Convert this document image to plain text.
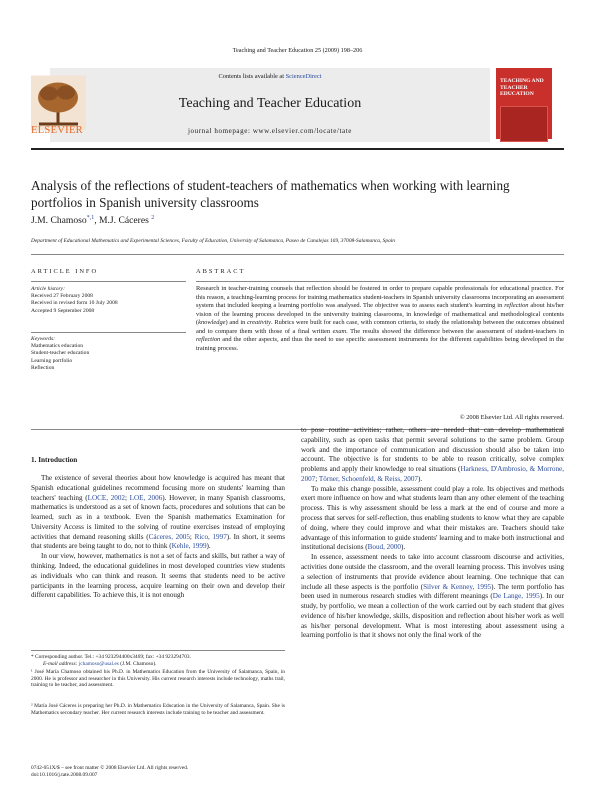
Teaching and Teacher Education 25 (2009) 198–206
Contents lists available at ScienceDirect
Teaching and Teacher Education
journal homepage: www.elsevier.com/locate/tate
ELSEVIER
TEACHING AND TEACHER EDUCATION
Analysis of the reflections of student-teachers of mathematics when working with learning portfolios in Spanish university classrooms
J.M. Chamoso$^{*,1}$, M.J. Cáceres $^2$
Department of Educational Mathematics and Experimental Sciences, Faculty of Education, University of Salamanca, Paseo de Canalejas 169, 37008-Salamanca, Spain
ARTICLE INFO	ABSTRACT
Article history:
Received 27 February 2008
Received in revised form 10 July 2008
Accepted 9 September 2008
Keywords:
Mathematics education
Student-teacher education
Learning portfolio
Reflection
Research in teacher-training counsels that reflection should be fostered in order to prepare capable professionals for educational practice. For this reason, a teaching-learning process for training mathematics student-teachers in Spanish university classrooms incorporating an assessment system that included keeping a learning portfolio was analysed. The objective was to assess each student's learning in reflection about his/her vision of the learning process developed in the university training classrooms, in knowledge of mathematical and methodological contents (knowledge) and in creativity. Rubrics were built for each case, with common criteria, to study the relationship between the outcomes obtained and to compare them with those of a final written exam. The results showed the difference between the assessment of student-teachers in reflection and the other aspects, and thus the need to use specific assessment instruments for the different capabilities being developed in the training process.
© 2008 Elsevier Ltd. All rights reserved.
1. Introduction

The existence of several theories about how knowledge is acquired has meant that Spanish educational guidelines recommend focusing more on students' learning than teachers' teaching (LOCE, 2002; LOE, 2006). However, in many Spanish classrooms, mathematics is understood as a set of known facts, procedures and solutions that can be learned, such as in a textbook. Even the Spanish mathematics Examination for University Access is limited to the solving of routine exercises instead of employing activities that demand reasoning skills (Cáceres, 2005; Rico, 1997). In short, it seems that students are being taught to do, not to think (Kehle, 1999).

In our view, however, mathematics is not a set of facts and skills, but rather a way of thinking. Indeed, the educational guidelines in most developed countries view students as individuals who can think and reason. It seems that students need to be active participants in the learning process, acquire learning on their own and develop their different capabilities. To achieve this, it is not enough

to pose routine activities; rather, others are needed that can develop mathematical capability, such as open tasks that permit several solutions to the same problem. Group work and the importance of communication and discussion should also be taken into account. The objective is for students to be able to reason critically, solve complex problems and apply their knowledge to real situations (Harkness, D'Ambrosio, & Morrone, 2007; Törner, Schoenfeld, & Reiss, 2007).

To make this change possible, assessment could play a role. Its objectives and methods exert more influence on how and what students learn than any other element of the teaching process. This is why assessment should be less a mark at the end of course and more a process that serves for self-reflection, thus enabling students to know what they are capable of doing, where they could improve and what their mistakes are. Teachers should take advantage of this information to guide students' learning and to make both instructional and institutional decisions (Boud, 2000).

In essence, assessment needs to take into account classroom discourse and activities, activities done outside the classroom, and the overall learning process. This involves using a selection of instruments that provide evidence about learning. One technique that can include all these aspects is the portfolio (Silver & Kenney, 1995). The term portfolio has been used in numerous research studies with different meanings (De Lange, 1995). In our study, by portfolio, we mean a collection of the work carried out by each student that gives evidence of his/her knowledge, skills, disposition and reflection about his/her work as well as his/her personal development. What is most interesting about assessment using a learning portfolio is that it shows not only the final work of the

* Corresponding author. Tel.: +34 923294400x3469; fax: +34 923294703.
E-mail address: jchamoso@usal.es (J.M. Chamoso).
¹ José María Chamoso obtained his Ph.D. in Mathematics Education from the University of Salamanca, Spain, in 2000. He is professor and researcher in this University. His current research interests include technology, maths trail, training to be teacher, and assessment.
² María José Cáceres is preparing her Ph.D. in Mathematics Education in the University of Salamanca, Spain. She is Mathematics secondary teacher. Her current research interests include training to be teacher and assessment.
0742-051X/$ – see front matter © 2008 Elsevier Ltd. All rights reserved.
doi:10.1016/j.tate.2008.09.007
